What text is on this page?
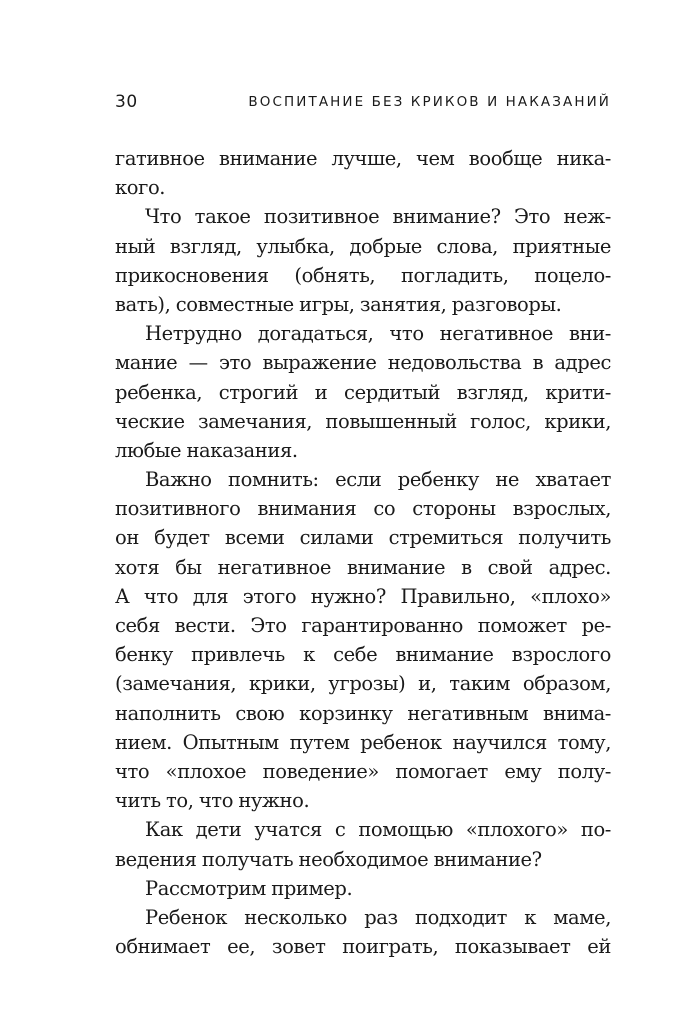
30	ВОСПИТАНИЕ БЕЗ КРИКОВ И НАКАЗАНИЙ
гативное внимание лучше, чем вообще ника-
кого.
Что такое позитивное внимание? Это неж-
ный взгляд, улыбка, добрые слова, приятные
прикосновения (обнять, погладить, поцело-
вать), совместные игры, занятия, разговоры.
Нетрудно догадаться, что негативное вни-
мание — это выражение недовольства в адрес
ребенка, строгий и сердитый взгляд, крити-
ческие замечания, повышенный голос, крики,
любые наказания.
Важно помнить: если ребенку не хватает
позитивного внимания со стороны взрослых,
он будет всеми силами стремиться получить
хотя бы негативное внимание в свой адрес.
А что для этого нужно? Правильно, «плохо»
себя вести. Это гарантированно поможет ре-
бенку привлечь к себе внимание взрослого
(замечания, крики, угрозы) и, таким образом,
наполнить свою корзинку негативным внима-
нием. Опытным путем ребенок научился тому,
что «плохое поведение» помогает ему полу-
чить то, что нужно.
Как дети учатся с помощью «плохого» по-
ведения получать необходимое внимание?
Рассмотрим пример.
Ребенок несколько раз подходит к маме,
обнимает ее, зовет поиграть, показывает ей
